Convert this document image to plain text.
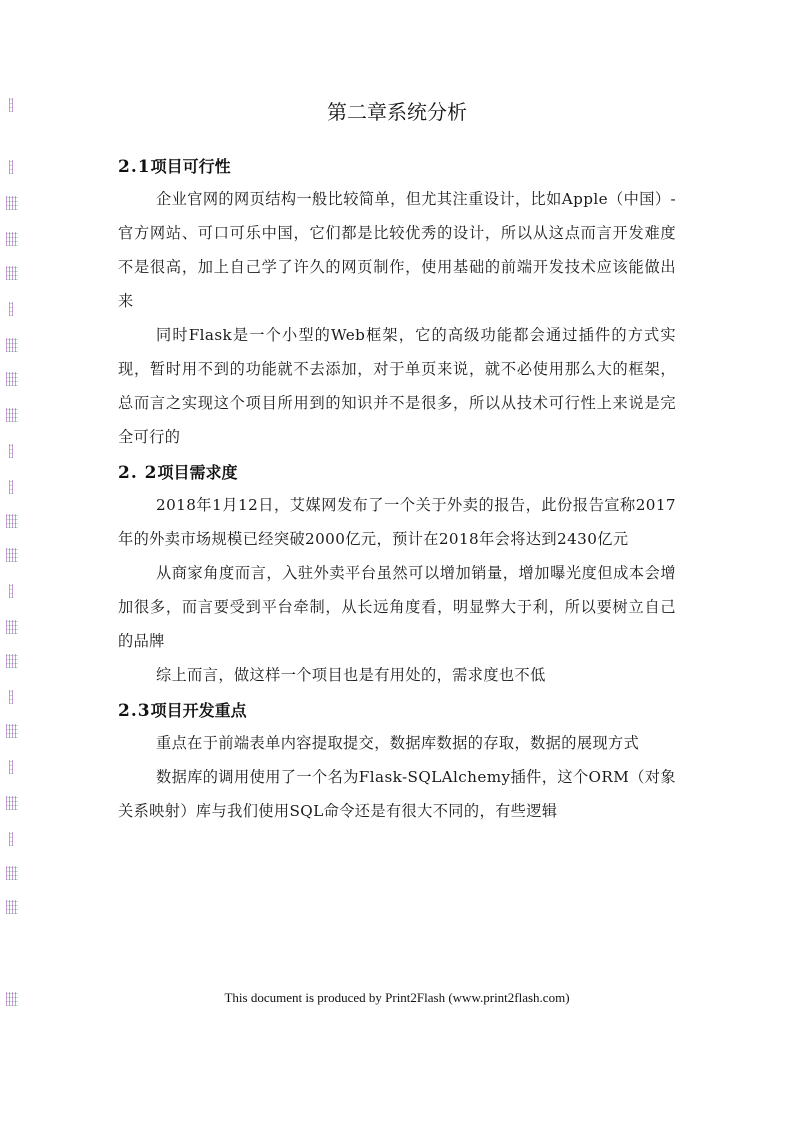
第二章系统分析
2.1项目可行性
企业官网的网页结构一般比较简单，但尤其注重设计，比如Apple（中国）-官方网站、可口可乐中国，它们都是比较优秀的设计，所以从这点而言开发难度不是很高，加上自己学了许久的网页制作，使用基础的前端开发技术应该能做出来
同时Flask是一个小型的Web框架，它的高级功能都会通过插件的方式实现，暂时用不到的功能就不去添加，对于单页来说，就不必使用那么大的框架，总而言之实现这个项目所用到的知识并不是很多，所以从技术可行性上来说是完全可行的
2. 2项目需求度
2018年1月12日，艾媒网发布了一个关于外卖的报告，此份报告宣称2017年的外卖市场规模已经突破2000亿元，预计在2018年会将达到2430亿元
从商家角度而言，入驻外卖平台虽然可以增加销量，增加曝光度但成本会增加很多，而言要受到平台牵制，从长远角度看，明显弊大于利，所以要树立自己的品牌
综上而言，做这样一个项目也是有用处的，需求度也不低
2.3项目开发重点
重点在于前端表单内容提取提交，数据库数据的存取，数据的展现方式
数据库的调用使用了一个名为Flask-SQLAlchemy插件，这个ORM（对象关系映射）库与我们使用SQL命令还是有很大不同的，有些逻辑
This document is produced by Print2Flash (www.print2flash.com)
